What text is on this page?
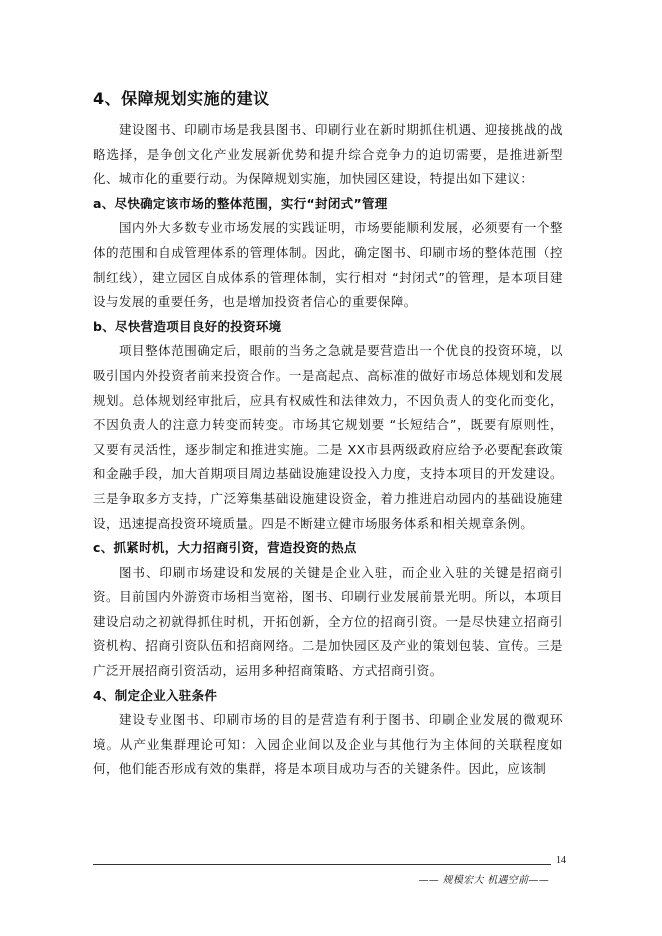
4、保障规划实施的建议

建设图书、印刷市场是我县图书、印刷行业在新时期抓住机遇、迎接挑战的战略选择，是争创文化产业发展新优势和提升综合竞争力的迫切需要，是推进新型化、城市化的重要行动。为保障规划实施，加快园区建设，特提出如下建议：

a、尽快确定该市场的整体范围，实行“封闭式”管理

国内外大多数专业市场发展的实践证明，市场要能顺利发展，必须要有一个整体的范围和自成管理体系的管理体制。因此，确定图书、印刷市场的整体范围（控制红线），建立园区自成体系的管理体制，实行相对 “封闭式”的管理，是本项目建设与发展的重要任务，也是增加投资者信心的重要保障。

b、尽快营造项目良好的投资环境

项目整体范围确定后，眼前的当务之急就是要营造出一个优良的投资环境，以吸引国内外投资者前来投资合作。一是高起点、高标准的做好市场总体规划和发展规划。总体规划经审批后，应具有权威性和法律效力，不因负责人的变化而变化，不因负责人的注意力转变而转变。市场其它规划要 “长短结合”，既要有原则性，又要有灵活性，逐步制定和推进实施。二是 XX市县两级政府应给予必要配套政策和金融手段，加大首期项目周边基础设施建设投入力度，支持本项目的开发建设。三是争取多方支持，广泛筹集基础设施建设资金，着力推进启动园内的基础设施建设，迅速提高投资环境质量。四是不断建立健市场服务体系和相关规章条例。

c、抓紧时机，大力招商引资，营造投资的热点

图书、印刷市场建设和发展的关键是企业入驻，而企业入驻的关键是招商引资。目前国内外游资市场相当宽裕，图书、印刷行业发展前景光明。所以，本项目建设启动之初就得抓住时机，开拓创新，全方位的招商引资。一是尽快建立招商引资机构、招商引资队伍和招商网络。二是加快园区及产业的策划包装、宣传。三是广泛开展招商引资活动，运用多种招商策略、方式招商引资。

4、制定企业入驻条件

建设专业图书、印刷市场的目的是营造有利于图书、印刷企业发展的微观环境。从产业集群理论可知：入园企业间以及企业与其他行为主体间的关联程度如何，他们能否形成有效的集群，将是本项目成功与否的关键条件。因此，应该制

14
—— 规模宏大 机遇空前——
